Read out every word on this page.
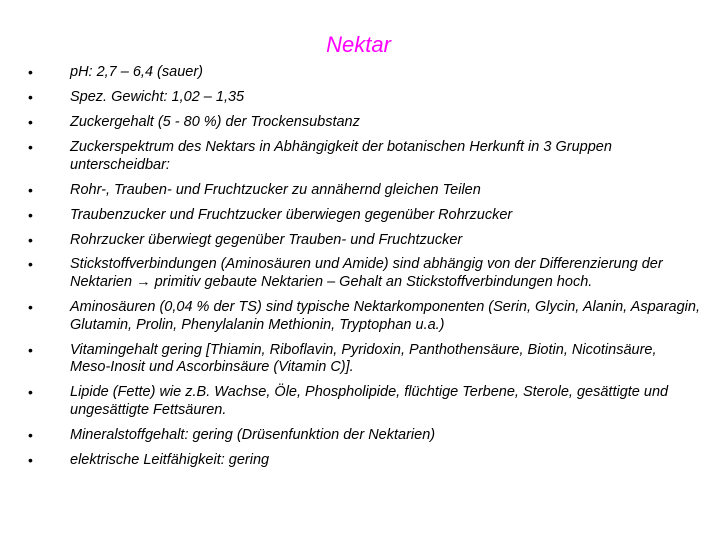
Nektar
•	pH: 2,7 – 6,4 (sauer)
•	Spez. Gewicht: 1,02 – 1,35
•	Zuckergehalt (5 - 80 %) der Trockensubstanz
•	Zuckerspektrum des Nektars in Abhängigkeit der botanischen Herkunft in 3 Gruppen unterscheidbar:
•	Rohr-, Trauben- und Fruchtzucker zu annähernd gleichen Teilen
•	Traubenzucker und Fruchtzucker überwiegen gegenüber Rohrzucker
•	Rohrzucker überwiegt gegenüber Trauben- und Fruchtzucker
•	Stickstoffverbindungen (Aminosäuren und Amide) sind abhängig von der Differenzierung der Nektarien → primitiv gebaute Nektarien – Gehalt an Stickstoffverbindungen hoch.
•	Aminosäuren (0,04 % der TS) sind typische Nektarkomponenten (Serin, Glycin, Alanin, Asparagin, Glutamin, Prolin, Phenylalanin Methionin, Tryptophan u.a.)
•	Vitamingehalt gering [Thiamin, Riboflavin, Pyridoxin, Panthothensäure, Biotin, Nicotinsäure, Meso-Inosit und Ascorbinsäure (Vitamin C)].
•	Lipide (Fette) wie z.B. Wachse, Öle, Phospholipide, flüchtige Terbene, Sterole, gesättigte und ungesättigte Fettsäuren.
•	Mineralstoffgehalt: gering (Drüsenfunktion der Nektarien)
•	elektrische Leitfähigkeit: gering
